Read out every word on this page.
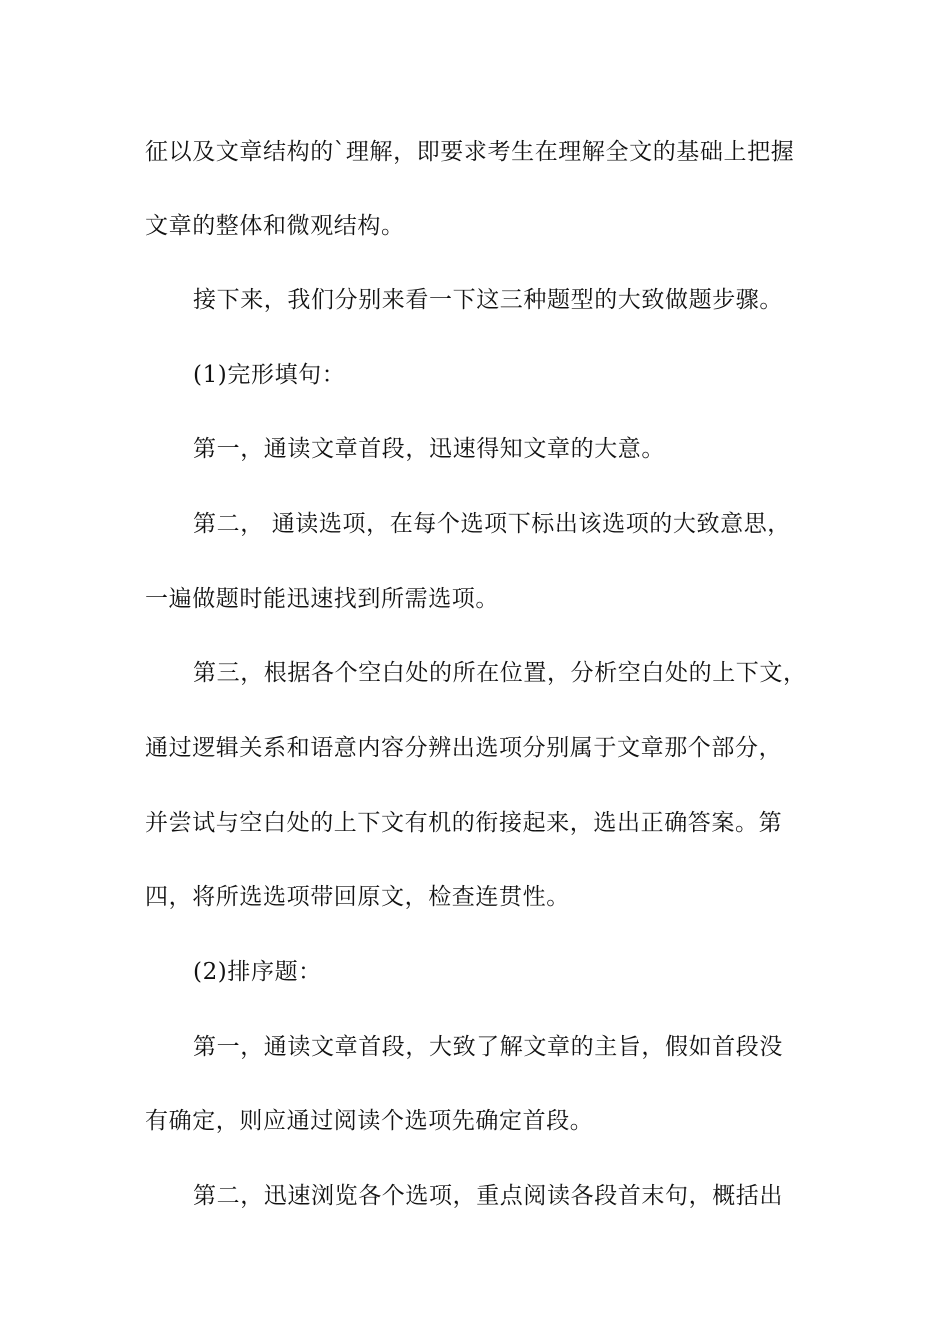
征以及文章结构的`理解，即要求考生在理解全文的基础上把握
文章的整体和微观结构。
接下来，我们分别来看一下这三种题型的大致做题步骤。
(1)完形填句：
第一，通读文章首段，迅速得知文章的大意。
第二， 通读选项，在每个选项下标出该选项的大致意思，
一遍做题时能迅速找到所需选项。
第三，根据各个空白处的所在位置，分析空白处的上下文，
通过逻辑关系和语意内容分辨出选项分别属于文章那个部分，
并尝试与空白处的上下文有机的衔接起来，选出正确答案。第
四，将所选选项带回原文，检查连贯性。
(2)排序题：
第一，通读文章首段，大致了解文章的主旨，假如首段没
有确定，则应通过阅读个选项先确定首段。
第二，迅速浏览各个选项，重点阅读各段首末句，概括出
